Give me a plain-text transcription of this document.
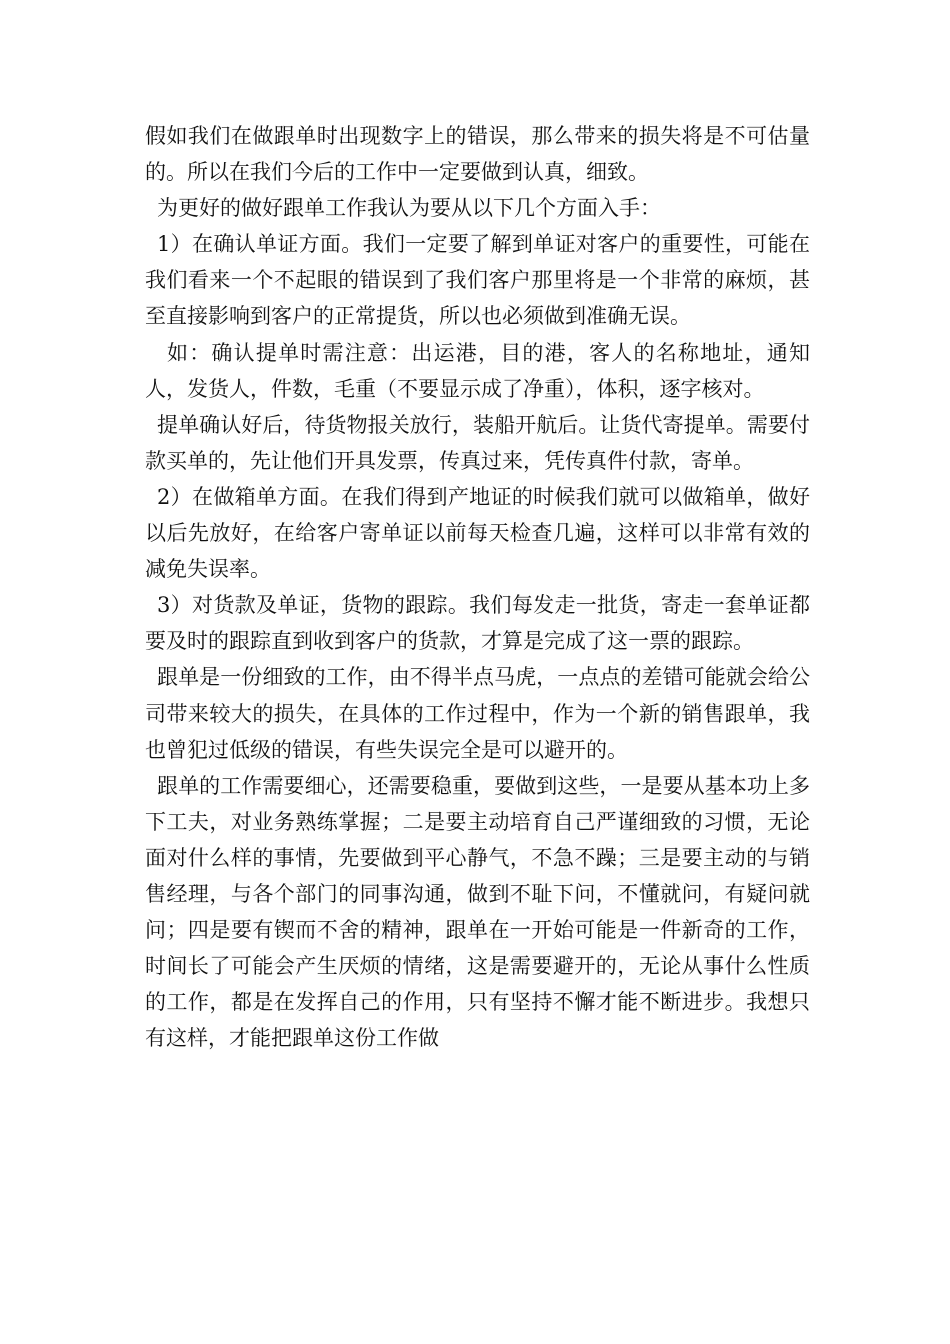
假如我们在做跟单时出现数字上的错误，那么带来的损失将是不可估量的。所以在我们今后的工作中一定要做到认真，细致。

为更好的做好跟单工作我认为要从以下几个方面入手：

1）在确认单证方面。我们一定要了解到单证对客户的重要性，可能在我们看来一个不起眼的错误到了我们客户那里将是一个非常的麻烦，甚至直接影响到客户的正常提货，所以也必须做到准确无误。

如：确认提单时需注意：出运港，目的港，客人的名称地址，通知人，发货人，件数，毛重（不要显示成了净重），体积，逐字核对。

提单确认好后，待货物报关放行，装船开航后。让货代寄提单。需要付款买单的，先让他们开具发票，传真过来，凭传真件付款，寄单。

2）在做箱单方面。在我们得到产地证的时候我们就可以做箱单，做好以后先放好，在给客户寄单证以前每天检查几遍，这样可以非常有效的减免失误率。

3）对货款及单证，货物的跟踪。我们每发走一批货，寄走一套单证都要及时的跟踪直到收到客户的货款，才算是完成了这一票的跟踪。

跟单是一份细致的工作，由不得半点马虎，一点点的差错可能就会给公司带来较大的损失，在具体的工作过程中，作为一个新的销售跟单，我也曾犯过低级的错误，有些失误完全是可以避开的。

跟单的工作需要细心，还需要稳重，要做到这些，一是要从基本功上多下工夫，对业务熟练掌握；二是要主动培育自己严谨细致的习惯，无论面对什么样的事情，先要做到平心静气，不急不躁；三是要主动的与销售经理，与各个部门的同事沟通，做到不耻下问，不懂就问，有疑问就问；四是要有锲而不舍的精神，跟单在一开始可能是一件新奇的工作，时间长了可能会产生厌烦的情绪，这是需要避开的，无论从事什么性质的工作，都是在发挥自己的作用，只有坚持不懈才能不断进步。我想只有这样，才能把跟单这份工作做
